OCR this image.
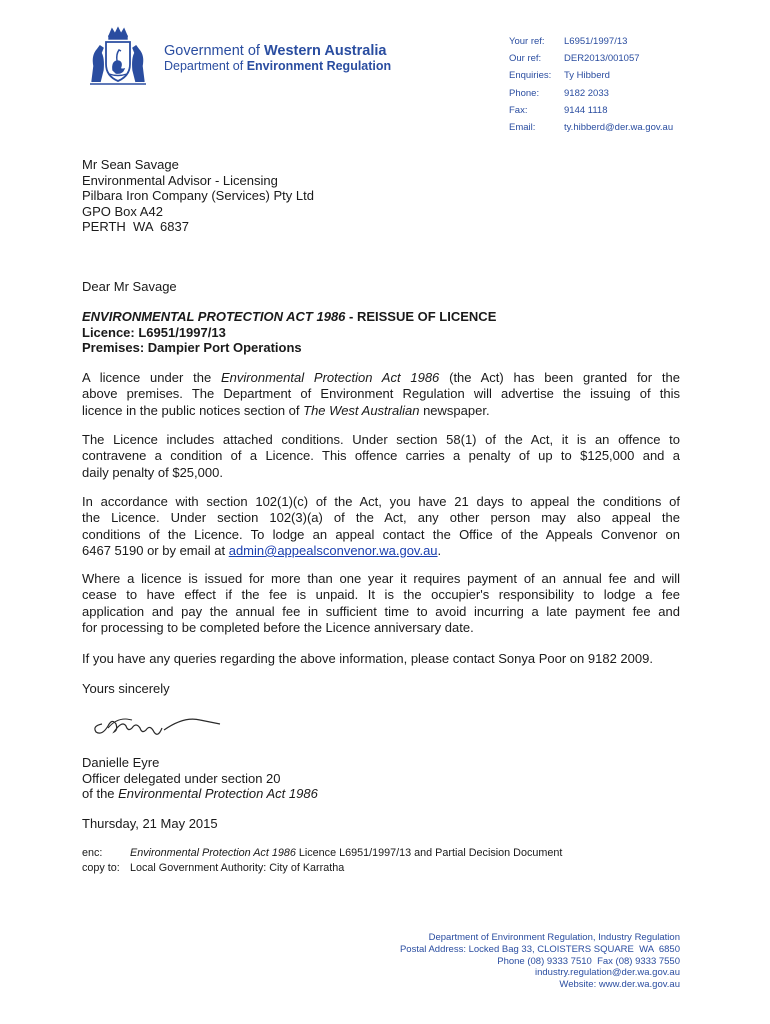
Government of Western Australia
Department of Environment Regulation
Your ref:	L6951/1997/13
Our ref:	DER2013/001057
Enquiries:	Ty Hibberd
Phone:	9182 2033
Fax:	9144 1118
Email:	ty.hibberd@der.wa.gov.au
Mr Sean Savage
Environmental Advisor - Licensing
Pilbara Iron Company (Services) Pty Ltd
GPO Box A42
PERTH  WA  6837
Dear Mr Savage
ENVIRONMENTAL PROTECTION ACT 1986 - REISSUE OF LICENCE
Licence: L6951/1997/13
Premises: Dampier Port Operations
A licence under the Environmental Protection Act 1986 (the Act) has been granted for the
above premises. The Department of Environment Regulation will advertise the issuing of this
licence in the public notices section of The West Australian newspaper.
The Licence includes attached conditions. Under section 58(1) of the Act, it is an offence to
contravene a condition of a Licence. This offence carries a penalty of up to $125,000 and a
daily penalty of $25,000.
In accordance with section 102(1)(c) of the Act, you have 21 days to appeal the conditions of
the Licence. Under section 102(3)(a) of the Act, any other person may also appeal the
conditions of the Licence. To lodge an appeal contact the Office of the Appeals Convenor on
6467 5190 or by email at admin@appealsconvenor.wa.gov.au.
Where a licence is issued for more than one year it requires payment of an annual fee and will
cease to have effect if the fee is unpaid. It is the occupier's responsibility to lodge a fee
application and pay the annual fee in sufficient time to avoid incurring a late payment fee and
for processing to be completed before the Licence anniversary date.
If you have any queries regarding the above information, please contact Sonya Poor on 9182 2009.
Yours sincerely
Danielle Eyre
Officer delegated under section 20
of the Environmental Protection Act 1986
Thursday, 21 May 2015
enc:	Environmental Protection Act 1986 Licence L6951/1997/13 and Partial Decision Document
copy to: Local Government Authority: City of Karratha
Department of Environment Regulation, Industry Regulation
Postal Address: Locked Bag 33, CLOISTERS SQUARE  WA  6850
Phone (08) 9333 7510  Fax (08) 9333 7550
industry.regulation@der.wa.gov.au
Website: www.der.wa.gov.au
